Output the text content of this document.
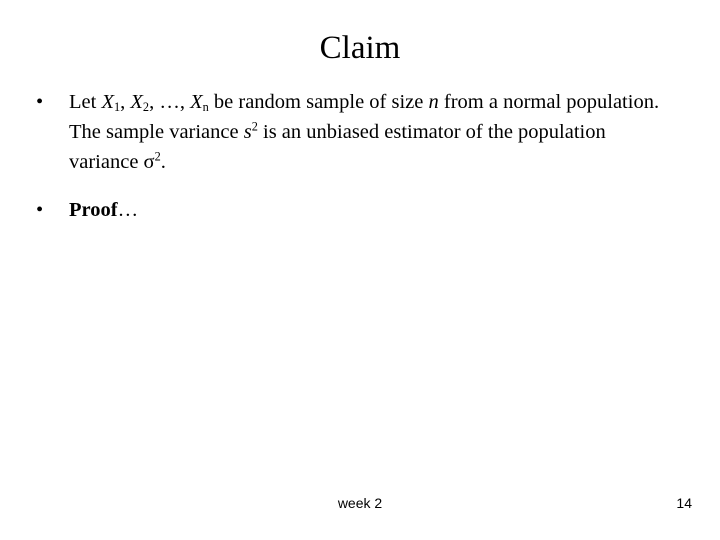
Claim
•	Let $X_1$, $X_2$, …, $X_n$ be random sample of size n from a normal population. The sample variance $s^2$ is an unbiased estimator of the population variance $\sigma^2$.
•	Proof…
week 2	14
